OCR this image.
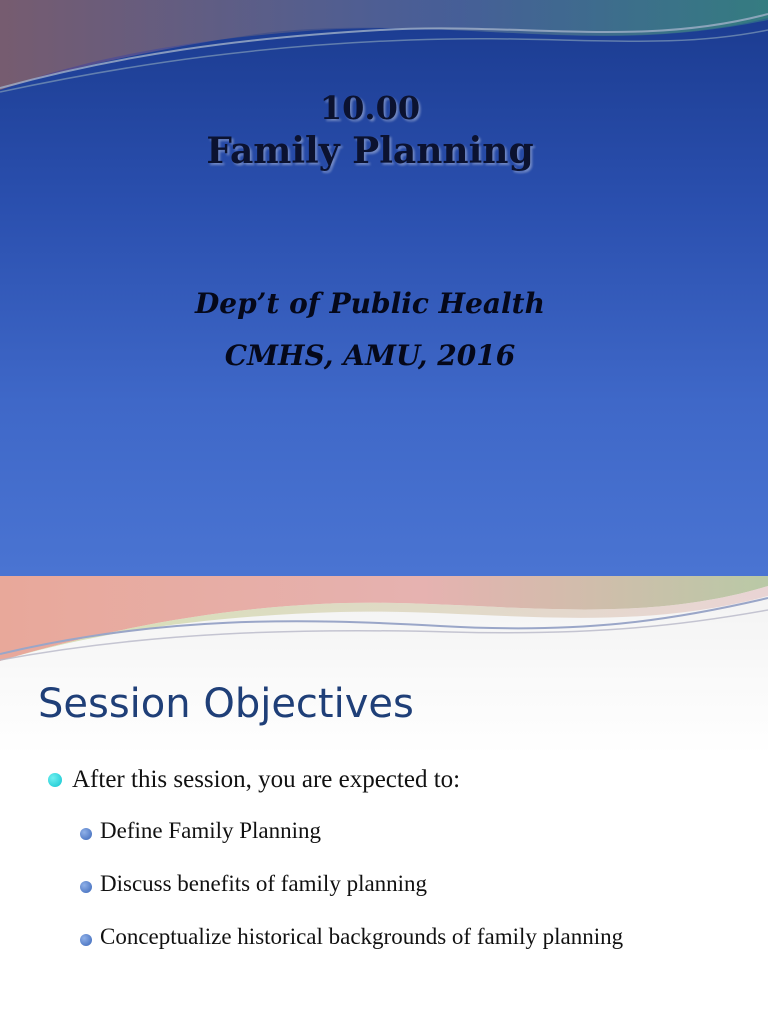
10.00
Family Planning
Dep’t of Public Health
CMHS, AMU, 2016
Session Objectives
After this session, you are expected to:
Define Family Planning
Discuss benefits of family planning
Conceptualize historical backgrounds of family planning
